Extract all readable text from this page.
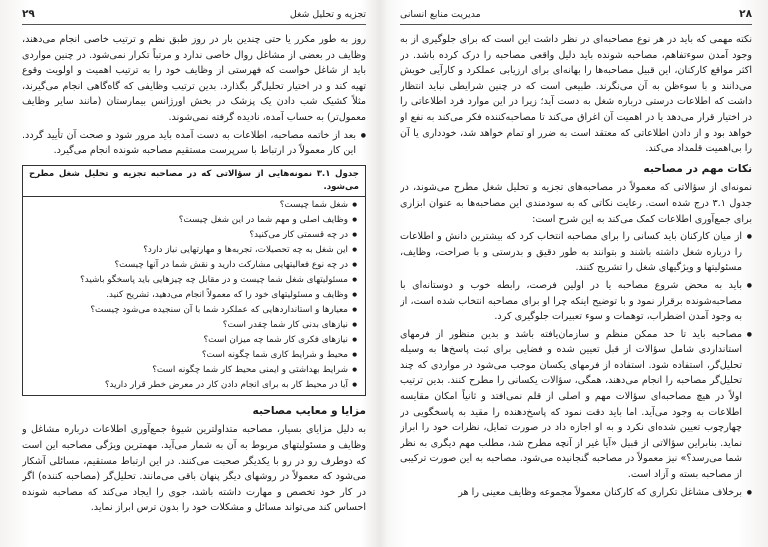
تجزیه و تحلیل شغل
۲۹

روز به طور مکرر یا حتی چندین بار در روز طبق نظم و ترتیب خاصی انجام می‌دهند، وظایف در بعضی از مشاغل روال خاصی ندارد و مرتباً تکرار نمی‌شود. در چنین مواردی باید از شاغل خواست که فهرستی از وظایف خود را به ترتیب اهمیت و اولویت وقوع تهیه کند و در اختیار تحلیل‌گر بگذارد. بدین ترتیب وظایفی که گاه‌گاهی انجام می‌گیرند، مثلاً کشیک شب دادن یک پزشک در بخش اورژانس بیمارستان (مانند سایر وظایف معمول‌تر) به حساب آمده، نادیده گرفته نمی‌شوند.

● بعد از خاتمه مصاحبه، اطلاعات به دست آمده باید مرور شود و صحت آن تأیید گردد. این کار معمولاً در ارتباط با سرپرست مستقیم مصاحبه شونده انجام می‌گیرد.
جدول ۳.۱ نمونه‌هایی از سؤالاتی که در مصاحبه تجزیه و تحلیل شغل مطرح می‌شود.
● شغل شما چیست؟
● وظایف اصلی و مهم شما در این شغل چیست؟
● در چه قسمتی کار می‌کنید؟
● این شغل به چه تحصیلات، تجربه‌ها و مهارتهایی نیاز دارد؟
● در چه نوع فعالیتهایی مشارکت دارید و نقش شما در آنها چیست؟
● مسئولیتهای شغل شما چیست و در مقابل چه چیزهایی باید پاسخگو باشید؟
● وظایف و مسئولیتهای خود را که معمولاً انجام می‌دهید، تشریح کنید.
● معیارها و استانداردهایی که عملکرد شما با آن سنجیده می‌شود چیست؟
● نیازهای بدنی کار شما چقدر است؟
● نیازهای فکری کار شما چه میزان است؟
● محیط و شرایط کاری شما چگونه است؟
● شرایط بهداشتی و ایمنی محیط کار شما چگونه است؟
● آیا در محیط کار به برای انجام دادن کار در معرض خطر قرار دارید؟
مزایا و معایب مصاحبه

به دلیل مزایای بسیار، مصاحبه متداولترین شیوهٔ جمع‌آوری اطلاعات درباره مشاغل و وظایف و مسئولیتهای مربوط به آن به شمار می‌آید. مهمترین ویژگی مصاحبه این است که دوطرف رو در رو با یکدیگر صحبت می‌کنند. در این ارتباط مستقیم، مسائلی آشکار می‌شود که معمولاً در روشهای دیگر پنهان باقی می‌مانند. تحلیل‌گر (مصاحبه کننده) اگر در کار خود تخصص و مهارت داشته باشد، جوی را ایجاد می‌کند که مصاحبه شونده احساس کند می‌تواند مسائل و مشکلات خود را بدون ترس ابراز نماید.

۲۸
مدیریت منابع انسانی

نکته مهمی که باید در هر نوع مصاحبه‌ای در نظر داشت این است که برای جلوگیری از به وجود آمدن سوءتفاهم، مصاحبه شونده باید دلیل واقعی مصاحبه را درک کرده باشد. در اکثر مواقع کارکنان، این قبیل مصاحبه‌ها را بهانه‌ای برای ارزیابی عملکرد و کارآیی خویش می‌دانند و با سوءظن به آن می‌نگرند. طبیعی است که در چنین شرایطی نباید انتظار داشت که اطلاعات درستی درباره شغل به دست آید؛ زیرا در این موارد فرد اطلاعاتی را در اختیار قرار می‌دهد یا در اهمیت آن اغراق می‌کند تا مصاحبه‌کننده فکر می‌کند به نفع او خواهد بود و از دادن اطلاعاتی که معتقد است به ضرر او تمام خواهد شد، خودداری یا آن را بی‌اهمیت قلمداد می‌کند.

نکات مهم در مصاحبه

نمونه‌ای از سؤالاتی که معمولاً در مصاحبه‌های تجزیه و تحلیل شغل مطرح می‌شوند، در جدول ۳.۱ درج شده است. رعایت نکاتی که به سودمندی این مصاحبه‌ها به عنوان ابزاری برای جمع‌آوری اطلاعات کمک می‌کند به این شرح است:

● از میان کارکنان باید کسانی را برای مصاحبه انتخاب کرد که بیشترین دانش و اطلاعات را درباره شغل داشته باشند و بتوانند به طور دقیق و بدرستی و با صراحت، وظایف، مسئولیتها و ویژگیهای شغل را تشریح کنند.
● باید به محض شروع مصاحبه یا در اولین فرصت، رابطه خوب و دوستانه‌ای با مصاحبه‌شونده برقرار نمود و با توضیح اینکه چرا او برای مصاحبه انتخاب شده است، از به وجود آمدن اضطراب، توهمات و سوء تعبیرات جلوگیری کرد.
● مصاحبه باید تا حد ممکن منظم و سازمان‌یافته باشد و بدین منظور از فرمهای استانداردی شامل سؤالات از قبل تعیین شده و فضایی برای ثبت پاسخ‌ها به وسیله تحلیل‌گر، استفاده شود. استفاده از فرمهای یکسان موجب می‌شود در مواردی که چند تحلیل‌گر مصاحبه را انجام می‌دهند، همگی، سؤالات یکسانی را مطرح کنند. بدین ترتیب اولاً در هیچ مصاحبه‌ای سؤالات مهم و اصلی از قلم نمی‌افتد و ثانیاً امکان مقایسه اطلاعات به وجود می‌آید. اما باید دقت نمود که پاسخ‌دهنده را مقید به پاسخگویی در چهارچوب تعیین شده‌ای نکرد و به او اجازه داد در صورت تمایل، نظرات خود را ابراز نماید. بنابراین سؤالاتی از قبیل «آیا غیر از آنچه مطرح شد، مطلب مهم دیگری به نظر شما می‌رسد؟» نیز معمولاً در مصاحبه گنجانیده می‌شود. مصاحبه به این صورت ترکیبی از مصاحبه بسته و آزاد است.
● برخلاف مشاغل تکراری که کارکنان معمولاً مجموعه وظایف معینی را هر
